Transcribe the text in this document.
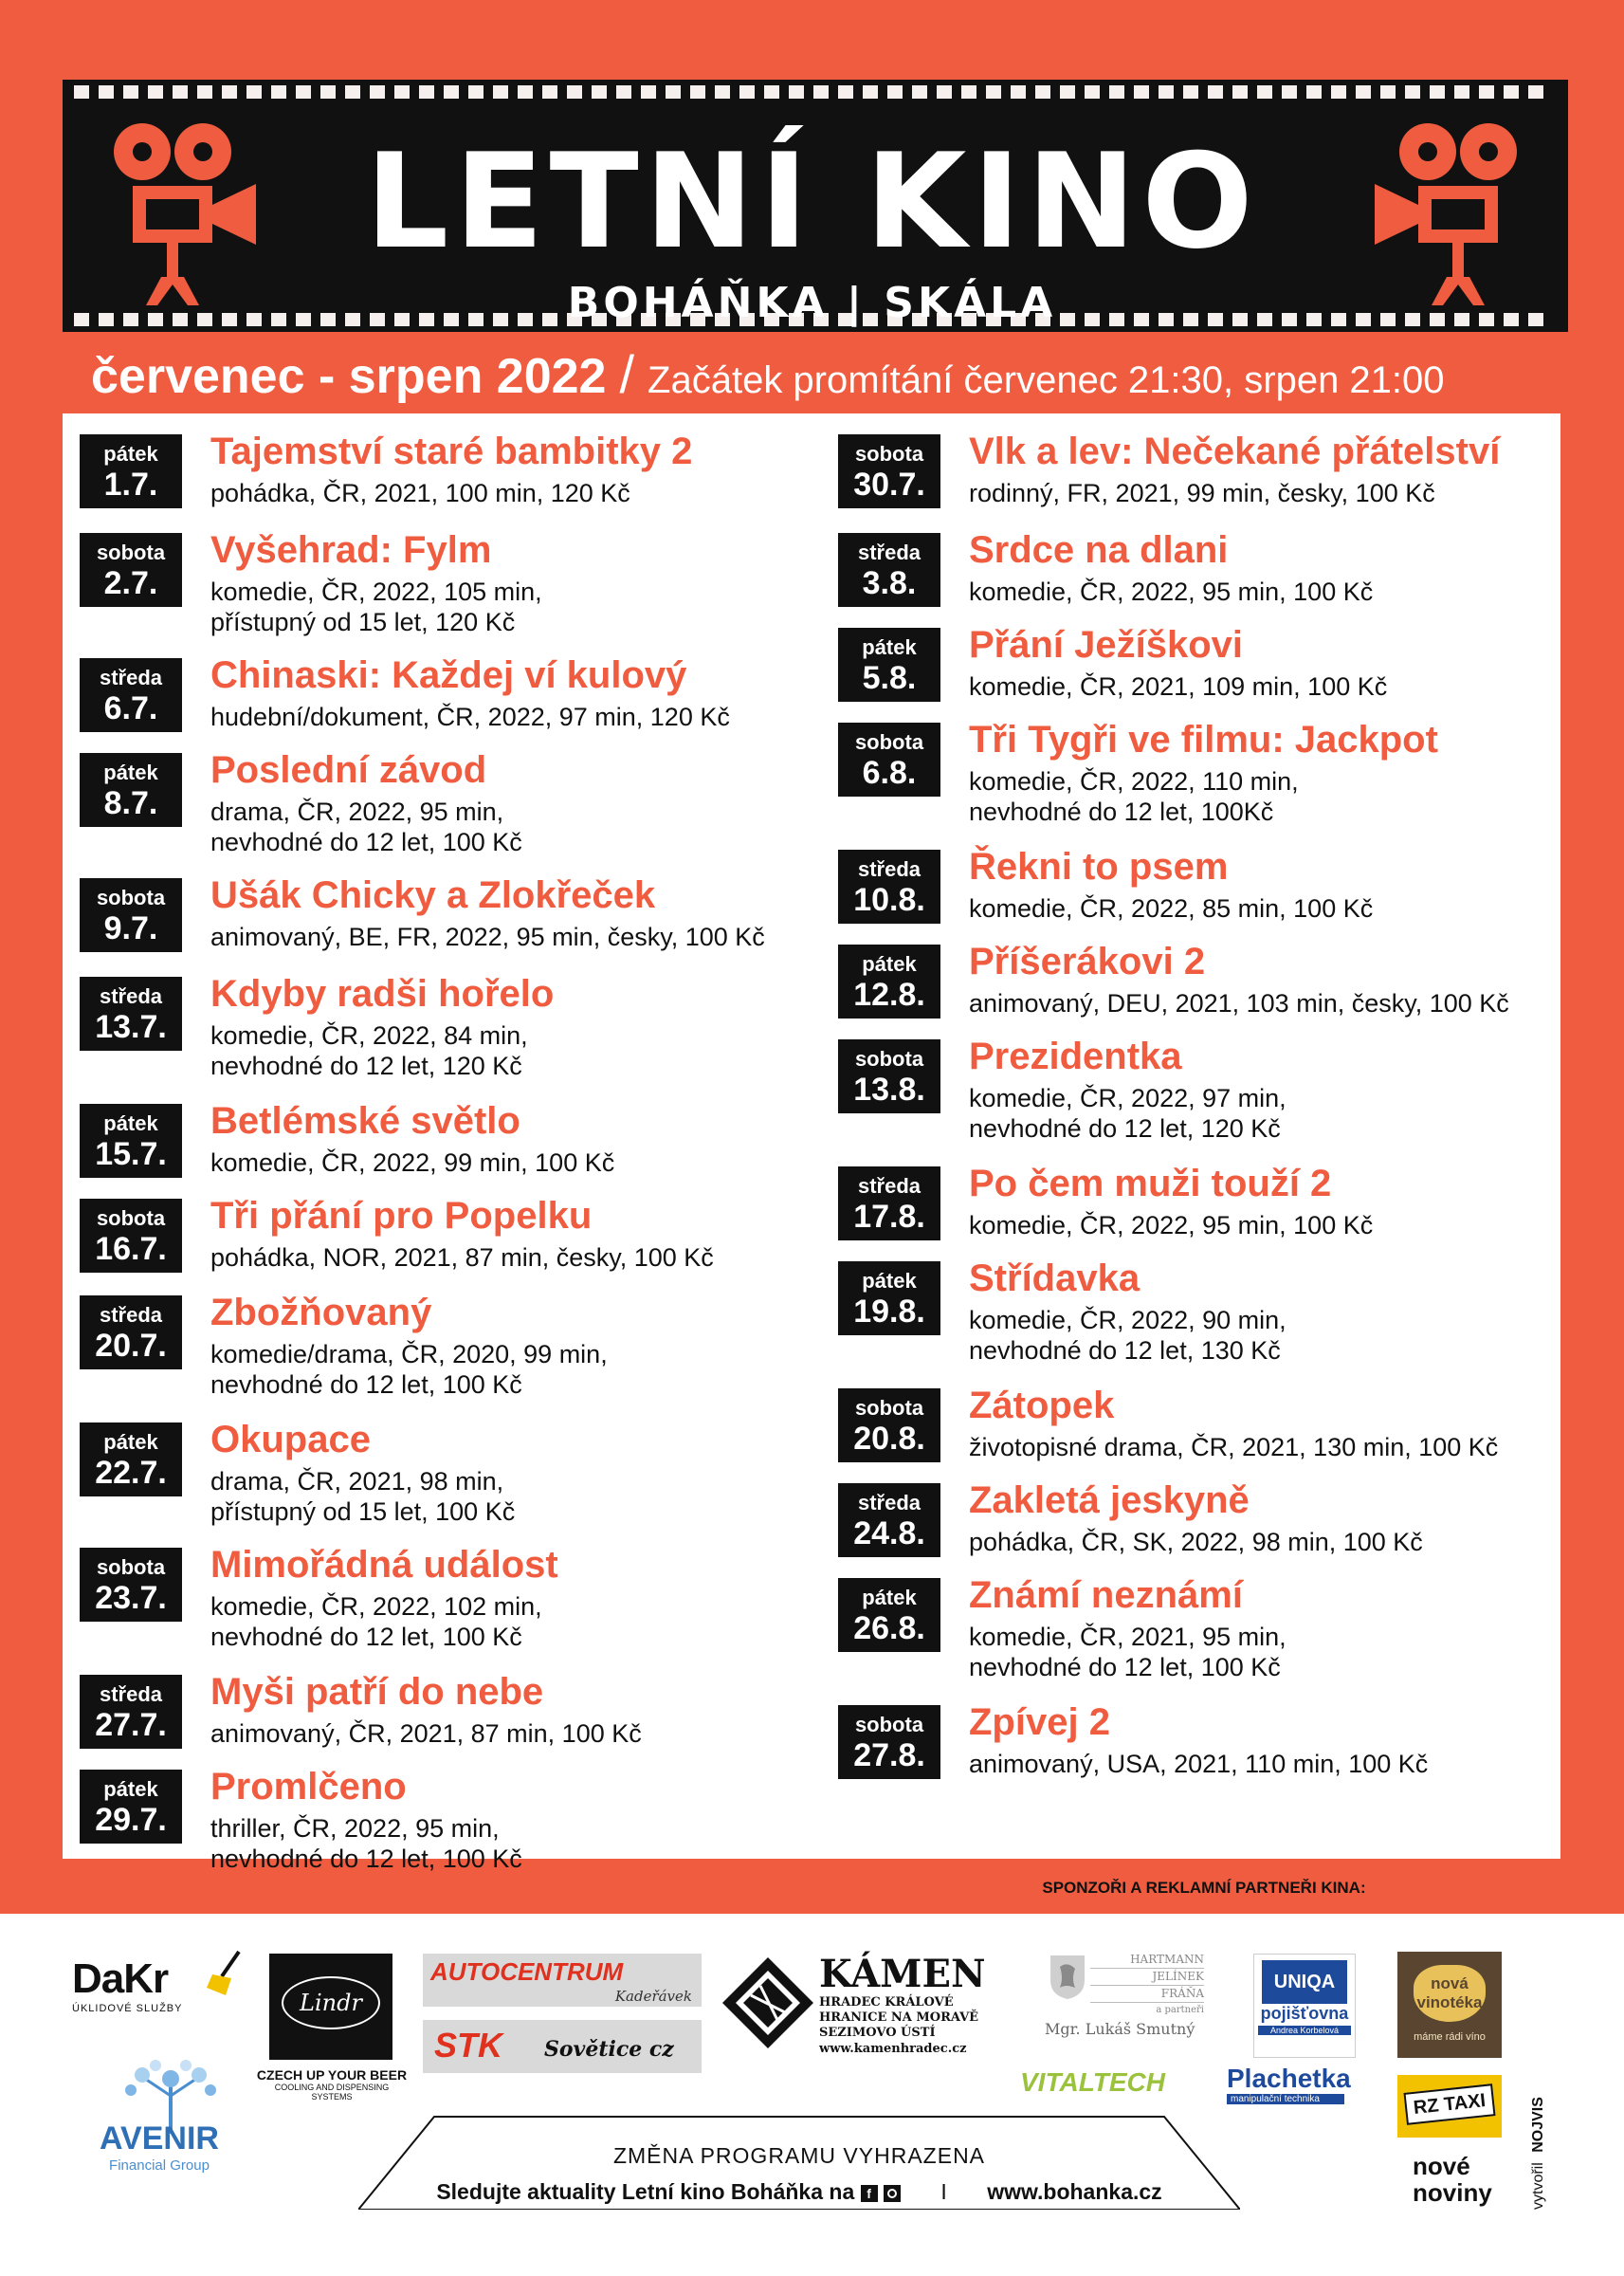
LETNÍ KINO
BOHÁŇKA | SKÁLA
červenec - srpen 2022 / Začátek promítání červenec 21:30, srpen 21:00
pátek
1.7.
Tajemství staré bambitky 2
pohádka, ČR, 2021, 100 min, 120 Kč
sobota
2.7.
Vyšehrad: Fylm
komedie, ČR, 2022, 105 min,
přístupný od 15 let, 120 Kč
středa
6.7.
Chinaski: Každej ví kulový
hudební/dokument, ČR, 2022, 97 min, 120 Kč
pátek
8.7.
Poslední závod
drama, ČR, 2022, 95 min,
nevhodné do 12 let, 100 Kč
sobota
9.7.
Ušák Chicky a Zlokřeček
animovaný, BE, FR, 2022, 95 min, česky, 100 Kč
středa
13.7.
Kdyby radši hořelo
komedie, ČR, 2022, 84 min,
nevhodné do 12 let, 120 Kč
pátek
15.7.
Betlémské světlo
komedie, ČR, 2022, 99 min, 100 Kč
sobota
16.7.
Tři přání pro Popelku
pohádka, NOR, 2021, 87 min, česky, 100 Kč
středa
20.7.
Zbožňovaný
komedie/drama, ČR, 2020, 99 min,
nevhodné do 12 let, 100 Kč
pátek
22.7.
Okupace
drama, ČR, 2021, 98 min,
přístupný od 15 let, 100 Kč
sobota
23.7.
Mimořádná událost
komedie, ČR, 2022, 102 min,
nevhodné do 12 let, 100 Kč
středa
27.7.
Myši patří do nebe
animovaný, ČR, 2021, 87 min, 100 Kč
pátek
29.7.
Promlčeno
thriller, ČR, 2022, 95 min,
nevhodné do 12 let, 100 Kč
sobota
30.7.
Vlk a lev: Nečekané přátelství
rodinný, FR, 2021, 99 min, česky, 100 Kč
středa
3.8.
Srdce na dlani
komedie, ČR, 2022, 95 min, 100 Kč
pátek
5.8.
Přání Ježíškovi
komedie, ČR, 2021, 109 min, 100 Kč
sobota
6.8.
Tři Tygři ve filmu: Jackpot
komedie, ČR, 2022, 110 min,
nevhodné do 12 let, 100Kč
středa
10.8.
Řekni to psem
komedie, ČR, 2022, 85 min, 100 Kč
pátek
12.8.
Příšerákovi 2
animovaný, DEU, 2021, 103 min, česky, 100 Kč
sobota
13.8.
Prezidentka
komedie, ČR, 2022, 97 min,
nevhodné do 12 let, 120 Kč
středa
17.8.
Po čem muži touží 2
komedie, ČR, 2022, 95 min, 100 Kč
pátek
19.8.
Střídavka
komedie, ČR, 2022, 90 min,
nevhodné do 12 let, 130 Kč
sobota
20.8.
Zátopek
životopisné drama, ČR, 2021, 130 min, 100 Kč
středa
24.8.
Zakletá jeskyně
pohádka, ČR, SK, 2022, 98 min, 100 Kč
pátek
26.8.
Známí neznámí
komedie, ČR, 2021, 95 min,
nevhodné do 12 let, 100 Kč
sobota
27.8.
Zpívej 2
animovaný, USA, 2021, 110 min, 100 Kč
SPONZOŘI A REKLAMNÍ PARTNEŘI KINA:
DaKr
ÚKLIDOVÉ SLUŽBY
AVENIR
Financial Group
Lindr
CZECH UP YOUR BEER
COOLING AND DISPENSING SYSTEMS
AUTOCENTRUM
Kadeřávek
STK Sovětice cz
KÁMEN
HRADEC KRÁLOVÉ
HRANICE NA MORAVĚ
SEZIMOVO ÚSTÍ
www.kamenhradec.cz
HARTMANN
JELÍNEK
FRÁŇA
a partneři
Mgr. Lukáš Smutný
VITALTECH
UNIQA
pojišťovna
Andrea Korbelová
Plachetka
manipulační technika
nová vinotéka
máme rádi víno
RZ TAXI
nové noviny	vytvořil NOJVIS
ZMĚNA PROGRAMU VYHRAZENA
Sledujte aktuality Letní kino Boháňka na f	I www.bohanka.cz
